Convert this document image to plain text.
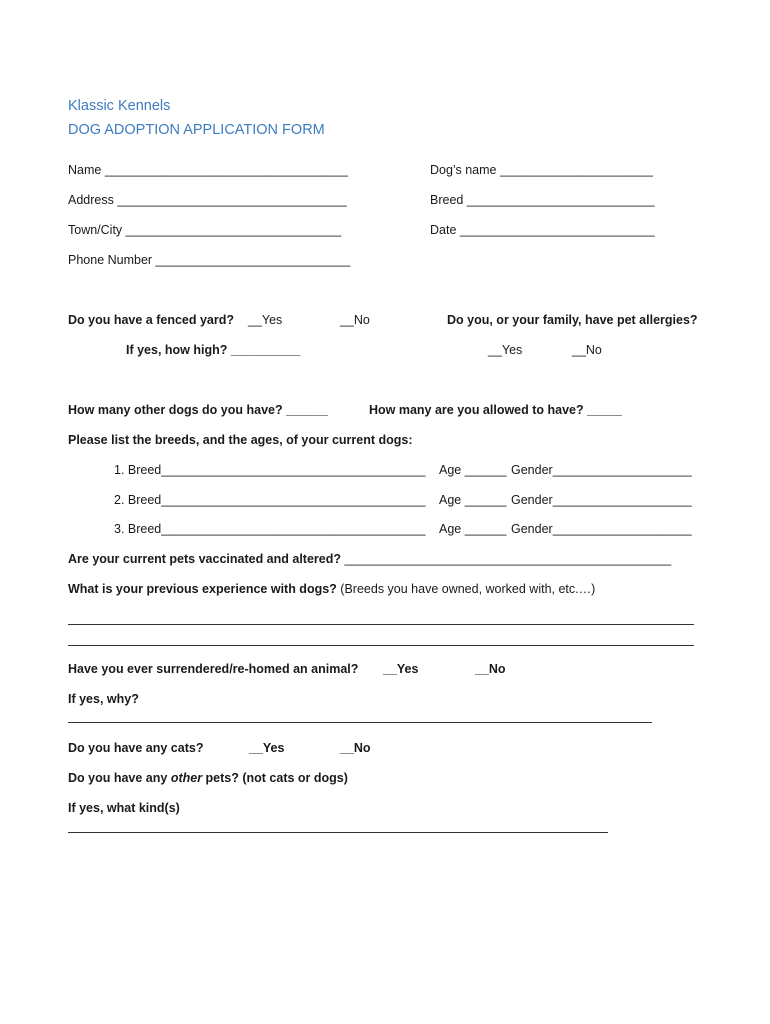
Klassic Kennels
DOG ADOPTION APPLICATION FORM
Name ___________________________________	Dog’s name ______________________
Address _________________________________	Breed ___________________________
Town/City _______________________________	Date ____________________________
Phone Number ____________________________
Do you have a fenced yard? __Yes	__No
If yes, how high? __________
Do you, or your family, have pet allergies?
__Yes	__No
How many other dogs do you have? ______	How many are you allowed to have? _____
Please list the breeds, and the ages, of your current dogs:
1. Breed______________________________________ Age ______ Gender____________________
2. Breed______________________________________ Age ______ Gender____________________
3. Breed______________________________________ Age ______ Gender____________________
Are your current pets vaccinated and altered? _______________________________________________
What is your previous experience with dogs? (Breeds you have owned, worked with, etc.…)
Have you ever surrendered/re-homed an animal? __Yes	__No
If yes, why?
Do you have any cats?	__Yes	__No
Do you have any other pets? (not cats or dogs)
If yes, what kind(s)
